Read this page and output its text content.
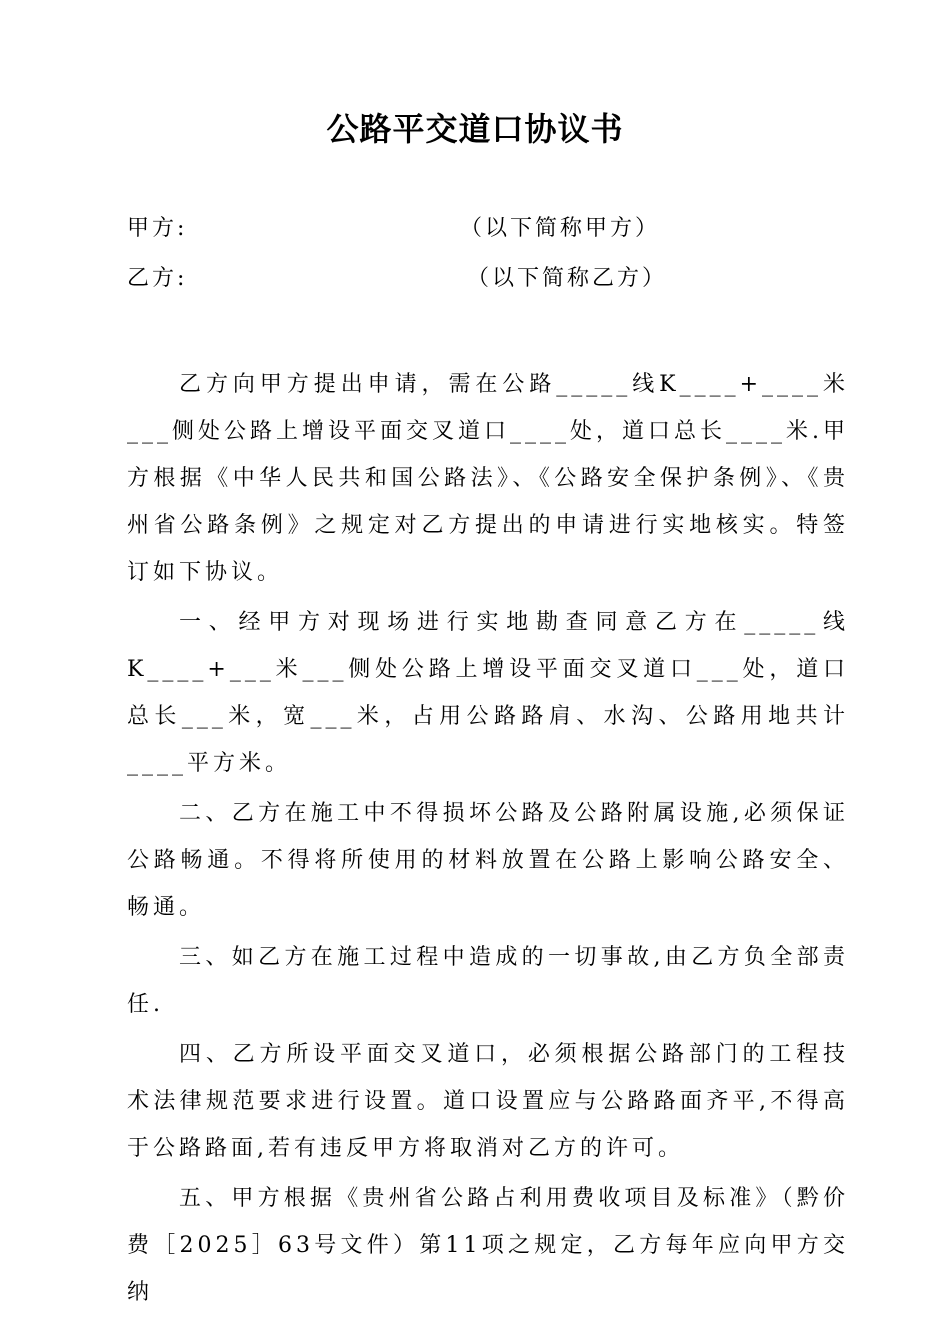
公路平交道口协议书
甲方:	（以下简称甲方）
乙方:	（以下简称乙方）

乙方向甲方提出申请，需在公路_____线K____+____米___侧处公路上增设平面交叉道口____处，道口总长____米.甲方根据《中华人民共和国公路法》、《公路安全保护条例》、《贵州省公路条例》之规定对乙方提出的申请进行实地核实。特签订如下协议。

一、经甲方对现场进行实地勘查同意乙方在_____线K____+___米___侧处公路上增设平面交叉道口___处，道口总长___米，宽___米，占用公路路肩、水沟、公路用地共计____平方米。

二、乙方在施工中不得损坏公路及公路附属设施,必须保证公路畅通。不得将所使用的材料放置在公路上影响公路安全、畅通。

三、如乙方在施工过程中造成的一切事故,由乙方负全部责任.

四、乙方所设平面交叉道口，必须根据公路部门的工程技术法律规范要求进行设置。道口设置应与公路路面齐平,不得高于公路路面,若有违反甲方将取消对乙方的许可。

五、甲方根据《贵州省公路占利用费收项目及标准》（黔价费［2025］63号文件）第11项之规定，乙方每年应向甲方交纳
